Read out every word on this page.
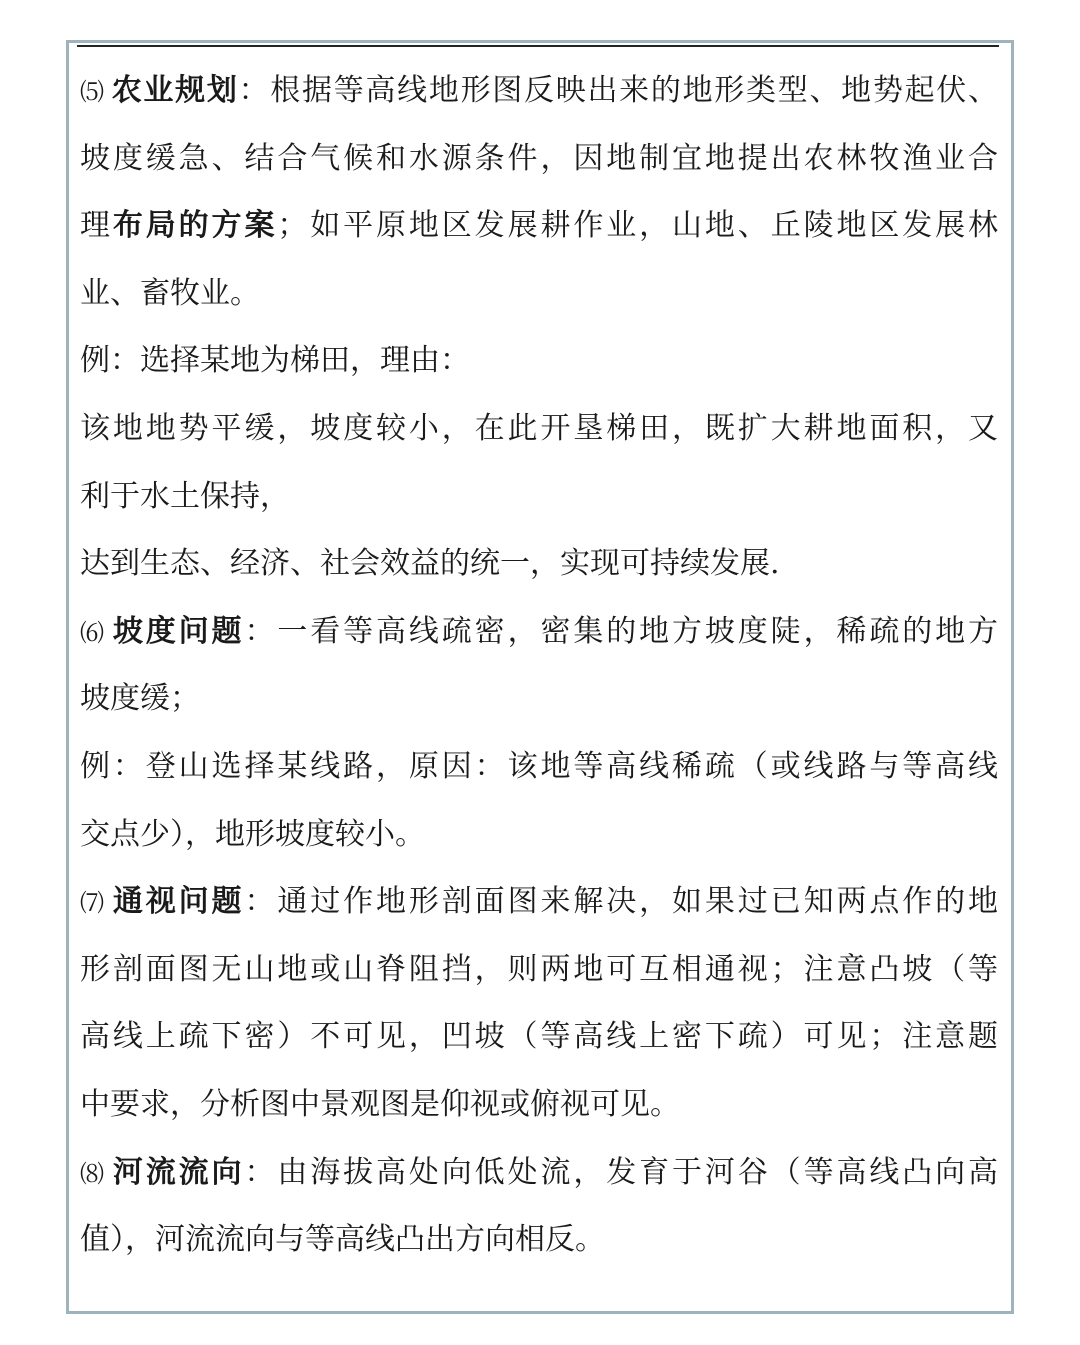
⑸ 农业规划：根据等高线地形图反映出来的地形类型、地势起伏、
坡度缓急、结合气候和水源条件，因地制宜地提出农林牧渔业合
理布局的方案；如平原地区发展耕作业，山地、丘陵地区发展林
业、畜牧业。
例：选择某地为梯田，理由：
该地地势平缓，坡度较小，在此开垦梯田，既扩大耕地面积，又
利于水土保持，
达到生态、经济、社会效益的统一，实现可持续发展.
⑹ 坡度问题：一看等高线疏密，密集的地方坡度陡，稀疏的地方
坡度缓；
例：登山选择某线路，原因：该地等高线稀疏（或线路与等高线
交点少），地形坡度较小。
⑺ 通视问题：通过作地形剖面图来解决，如果过已知两点作的地
形剖面图无山地或山脊阻挡，则两地可互相通视；注意凸坡（等
高线上疏下密）不可见，凹坡（等高线上密下疏）可见；注意题
中要求，分析图中景观图是仰视或俯视可见。
⑻ 河流流向：由海拔高处向低处流，发育于河谷（等高线凸向高
值），河流流向与等高线凸出方向相反。
